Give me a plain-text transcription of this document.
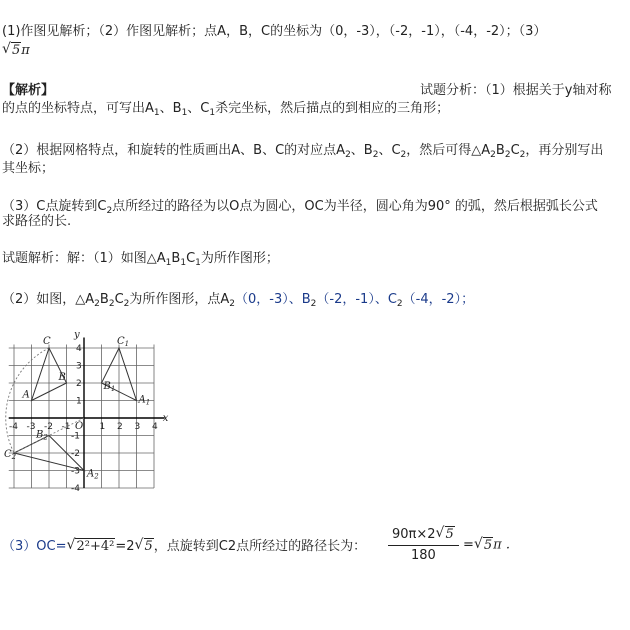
(1)作图见解析；（2）作图见解析；点A，B，C的坐标为（0，-3），（-2，-1），（-4，-2）；（3）
√ 5π
【解析】	试题分析：（1）根据关于y轴对称
的点的坐标特点，可写出$A_1$、$B_1$、$C_1$杀完坐标，然后描点的到相应的三角形；
（2）根据网格特点，和旋转的性质画出A、B、C的对应点$A_2$、$B_2$、$C_2$，然后可得$\triangle A_2B_2C_2$，再分别写出
其坐标；
（3）C点旋转到$C_2$点所经过的路径为以O点为圆心，OC为半径，圆心角为90° 的弧，然后根据弧长公式
求路径的长.
试题解析：解：（1）如图$\triangle A_1B_1C_1$为所作图形；
（2）如图，$\triangle A_2B_2C_2$为所作图形，点$A_2(0$，-3）、$B_2(-2$，-1）、$C_2(-4$，-2）；
-4 -3 -2 -1	1 2 3 4
4
3
2
1
-1
-2
-3
-4
O
x
y
A
B
C
$A_1$
$B_1$
$C_1$
$A_2$
$B_2$
$C_2$
（3）OC= √ 2²+4²=2 √ 5，点旋转到C2点所经过的路径长为： $\frac{90\pi\times 2 √ 5}{180}$ = √ 5π .
